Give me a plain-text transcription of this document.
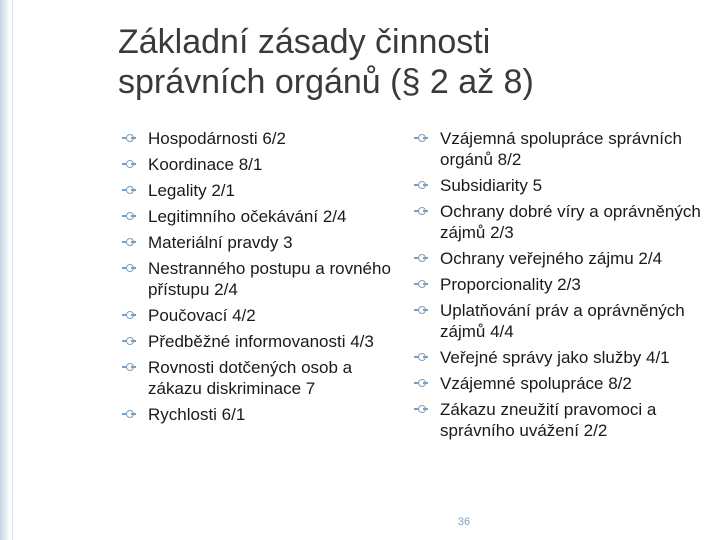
Základní zásady činnosti
správních orgánů (§ 2 až 8)
Hospodárnosti 6/2
Koordinace 8/1
Legality 2/1
Legitimního očekávání 2/4
Materiální pravdy 3
Nestranného postupu a rovného přístupu 2/4
Poučovací 4/2
Předběžné informovanosti 4/3
Rovnosti dotčených osob a zákazu diskriminace 7
Rychlosti 6/1
Vzájemná spolupráce správních orgánů 8/2
Subsidiarity 5
Ochrany dobré víry a oprávněných zájmů 2/3
Ochrany veřejného zájmu 2/4
Proporcionality 2/3
Uplatňování práv a oprávněných zájmů 4/4
Veřejné správy jako služby 4/1
Vzájemné spolupráce 8/2
Zákazu zneužití pravomoci a správního uvážení 2/2
36
